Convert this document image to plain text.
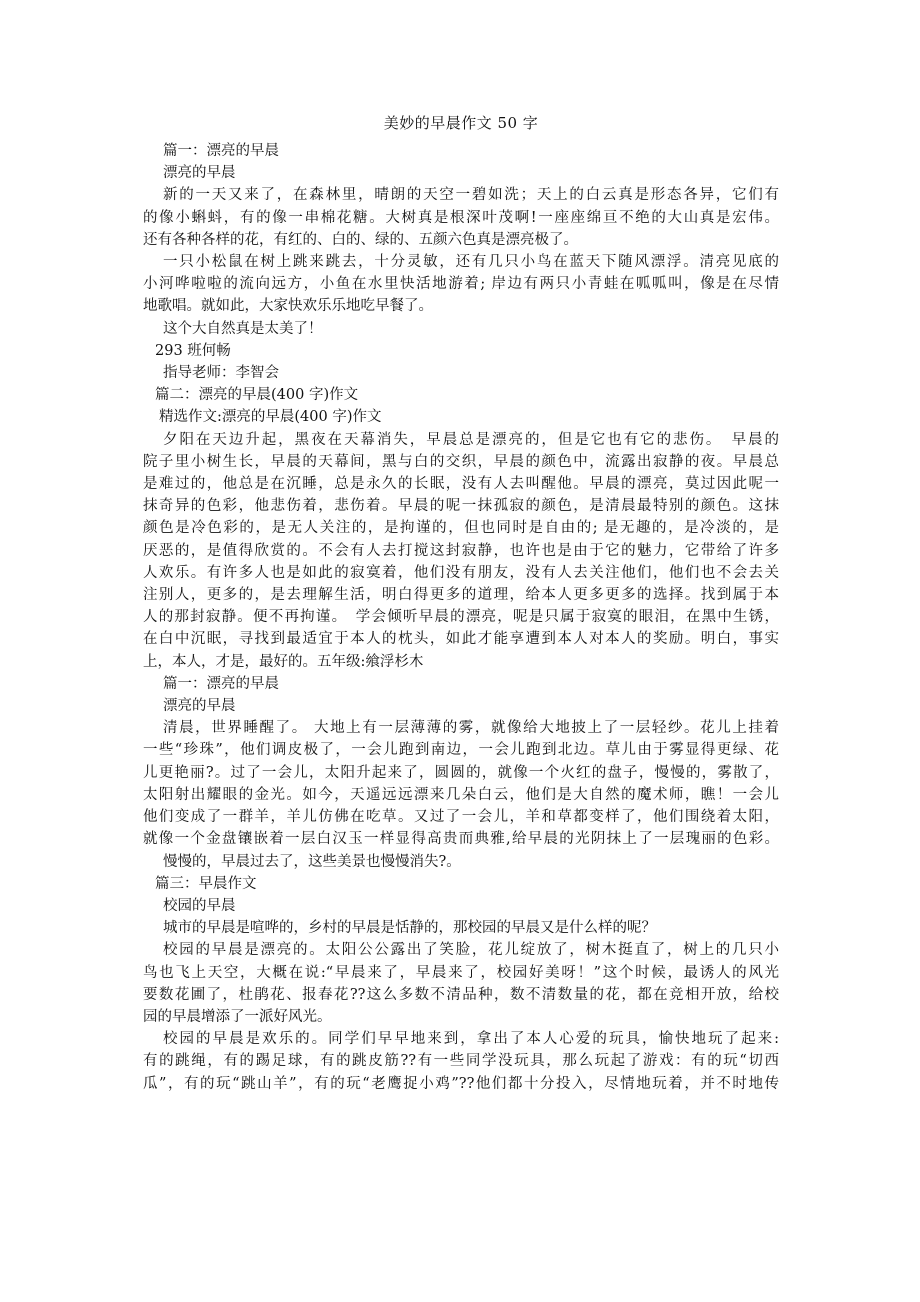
美妙的早晨作文 50 字
篇一：漂亮的早晨
漂亮的早晨
新的一天又来了，在森林里，晴朗的天空一碧如洗；天上的白云真是形态各异，它们有
的像小蝌蚪，有的像一串棉花糖。大树真是根深叶茂啊!一座座绵亘不绝的大山真是宏伟。
还有各种各样的花，有红的、白的、绿的、五颜六色真是漂亮极了。
一只小松鼠在树上跳来跳去，十分灵敏，还有几只小鸟在蓝天下随风漂浮。清亮见底的
小河哗啦啦的流向远方，小鱼在水里快活地游着; 岸边有两只小青蛙在呱呱叫，像是在尽情
地歌唱。就如此，大家快欢乐乐地吃早餐了。
这个大自然真是太美了！
293 班何畅
指导老师：李智会
篇二：漂亮的早晨(400 字)作文
精选作文:漂亮的早晨(400 字)作文
夕阳在天边升起，黑夜在天幕消失，早晨总是漂亮的，但是它也有它的悲伤。　早晨的
院子里小树生长，早晨的天幕间，黑与白的交织，早晨的颜色中，流露出寂静的夜。早晨总
是难过的，他总是在沉睡，总是永久的长眠，没有人去叫醒他。早晨的漂亮，莫过因此呢一
抹奇异的色彩，他悲伤着，悲伤着。早晨的呢一抹孤寂的颜色，是清晨最特别的颜色。这抹
颜色是冷色彩的，是无人关注的，是拘谨的，但也同时是自由的; 是无趣的，是冷淡的，是
厌恶的，是值得欣赏的。不会有人去打搅这封寂静，也许也是由于它的魅力，它带给了许多
人欢乐。有许多人也是如此的寂寞着，他们没有朋友，没有人去关注他们，他们也不会去关
注别人，更多的，是去理解生活，明白得更多的道理，给本人更多更多的选择。找到属于本
人的那封寂静。便不再拘谨。　学会倾听早晨的漂亮，呢是只属于寂寞的眼泪，在黑中生锈，
在白中沉眠，寻找到最适宜于本人的枕头，如此才能享遭到本人对本人的奖励。明白，事实
上，本人，才是，最好的。五年级:飨浮杉木
篇一：漂亮的早晨
漂亮的早晨
清晨，世界睡醒了。 大地上有一层薄薄的雾，就像给大地披上了一层轻纱。花儿上挂着
一些“珍珠”，他们调皮极了，一会儿跑到南边，一会儿跑到北边。草儿由于雾显得更绿、花
儿更艳丽?。过了一会儿，太阳升起来了，圆圆的，就像一个火红的盘子，慢慢的，雾散了，
太阳射出耀眼的金光。如今，天遥远远漂来几朵白云，他们是大自然的魔术师，瞧！一会儿
他们变成了一群羊，羊儿仿佛在吃草。又过了一会儿，羊和草都变样了，他们围绕着太阳，
就像一个金盘镶嵌着一层白汉玉一样显得高贵而典雅,给早晨的光阴抹上了一层瑰丽的色彩。
慢慢的，早晨过去了，这些美景也慢慢消失?。
篇三：早晨作文
校园的早晨
城市的早晨是喧哗的，乡村的早晨是恬静的，那校园的早晨又是什么样的呢？
校园的早晨是漂亮的。太阳公公露出了笑脸，花儿绽放了，树木挺直了，树上的几只小
鸟也飞上天空，大概在说:“早晨来了，早晨来了，校园好美呀！”这个时候，最诱人的风光
要数花圃了，杜鹃花、报春花??这么多数不清品种，数不清数量的花，都在竞相开放，给校
园的早晨增添了一派好风光。
校园的早晨是欢乐的。同学们早早地来到，拿出了本人心爱的玩具，愉快地玩了起来:
有的跳绳，有的踢足球，有的跳皮筋??有一些同学没玩具，那么玩起了游戏：有的玩“切西
瓜”，有的玩“跳山羊”，有的玩“老鹰捉小鸡”??他们都十分投入，尽情地玩着，并不时地传
